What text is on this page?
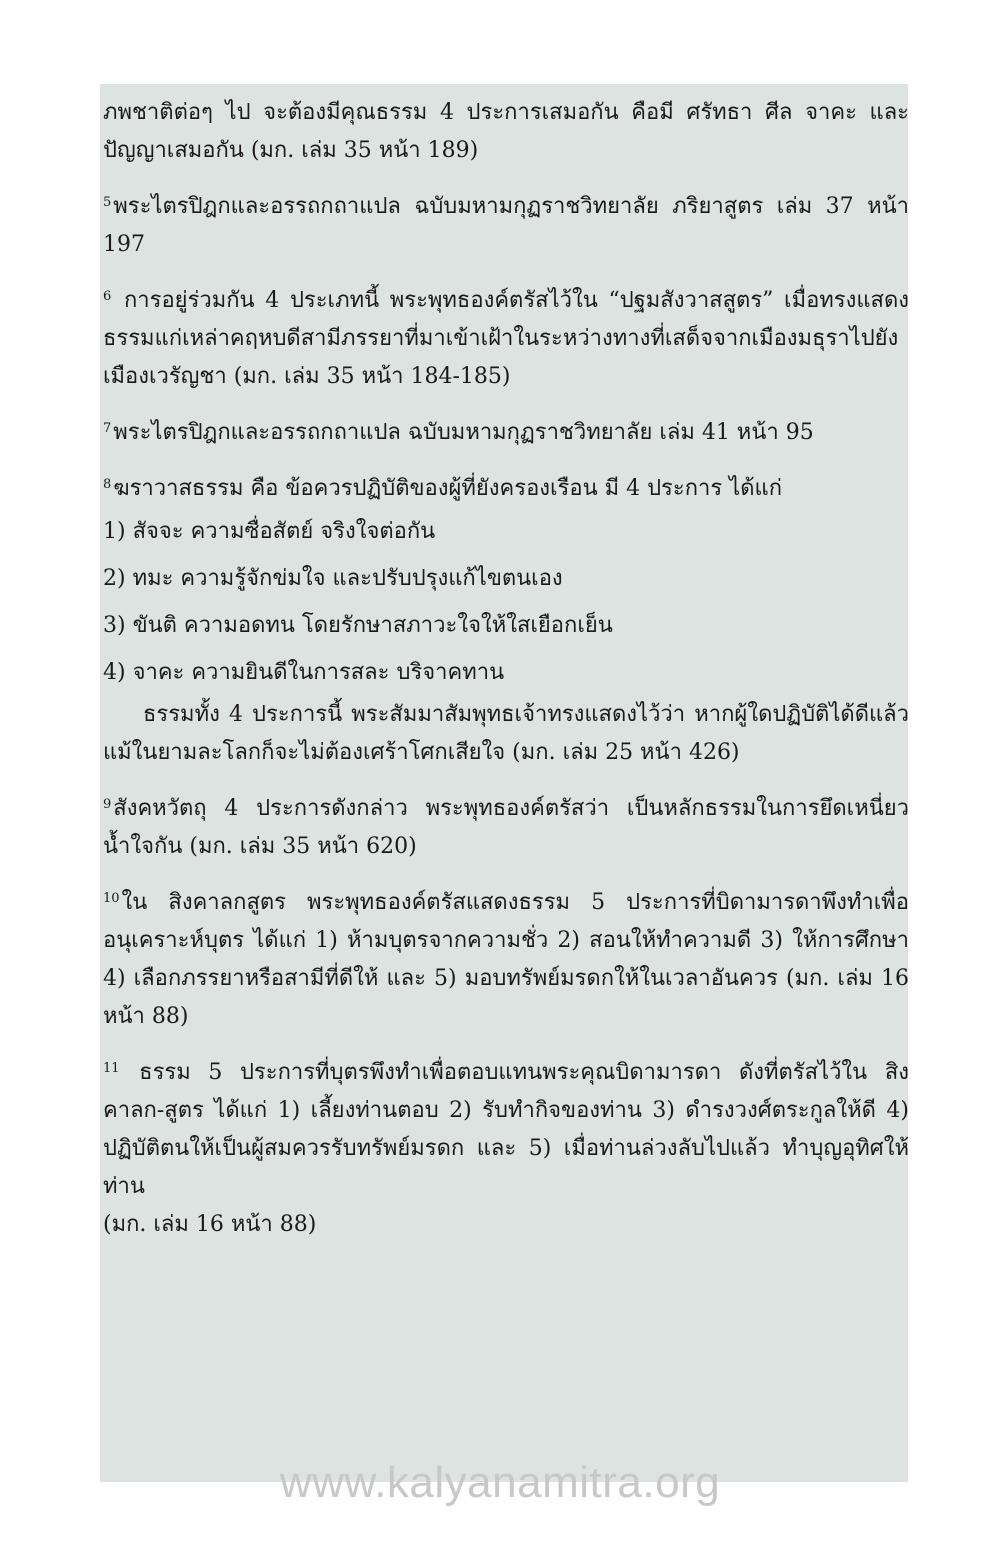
ภพชาติต่อๆ ไป จะต้องมีคุณธรรม 4 ประการเสมอกัน คือมี ศรัทธา ศีล จาคะ และปัญญาเสมอกัน (มก. เล่ม 35 หน้า 189)

$^5$พระไตรปิฎกและอรรถกถาแปล ฉบับมหามกุฏราชวิทยาลัย ภริยาสูตร เล่ม 37 หน้า 197

$^6$ การอยู่ร่วมกัน 4 ประเภทนี้ พระพุทธองค์ตรัสไว้ใน “ปฐมสังวาสสูตร” เมื่อทรงแสดงธรรมแก่เหล่าคฤหบดีสามีภรรยาที่มาเข้าเฝ้าในระหว่างทางที่เสด็จจากเมืองมธุราไปยังเมืองเวรัญชา (มก. เล่ม 35 หน้า 184-185)

$^7$พระไตรปิฎกและอรรถกถาแปล ฉบับมหามกุฏราชวิทยาลัย เล่ม 41 หน้า 95

$^8$ฆราวาสธรรม คือ ข้อควรปฏิบัติของผู้ที่ยังครองเรือน มี 4 ประการ ได้แก่

1) สัจจะ ความซื่อสัตย์ จริงใจต่อกัน

2) ทมะ ความรู้จักข่มใจ และปรับปรุงแก้ไขตนเอง

3) ขันติ ความอดทน โดยรักษาสภาวะใจให้ใสเยือกเย็น

4) จาคะ ความยินดีในการสละ บริจาคทาน

ธรรมทั้ง 4 ประการนี้ พระสัมมาสัมพุทธเจ้าทรงแสดงไว้ว่า หากผู้ใดปฏิบัติได้ดีแล้ว แม้ในยามละโลกก็จะไม่ต้องเศร้าโศกเสียใจ (มก. เล่ม 25 หน้า 426)

$^9$สังคหวัตถุ 4 ประการดังกล่าว พระพุทธองค์ตรัสว่า เป็นหลักธรรมในการยึดเหนี่ยวน้ำใจกัน (มก. เล่ม 35 หน้า 620)

$^{10}$ใน สิงคาลกสูตร พระพุทธองค์ตรัสแสดงธรรม 5 ประการที่บิดามารดาพึงทำเพื่ออนุเคราะห์บุตร ได้แก่ 1) ห้ามบุตรจากความชั่ว 2) สอนให้ทำความดี 3) ให้การศึกษา 4) เลือกภรรยาหรือสามีที่ดีให้ และ 5) มอบทรัพย์มรดกให้ในเวลาอันควร (มก. เล่ม 16 หน้า 88)

$^{11}$ ธรรม 5 ประการที่บุตรพึงทำเพื่อตอบแทนพระคุณบิดามารดา ดังที่ตรัสไว้ใน สิงคาลก-สูตร ได้แก่ 1) เลี้ยงท่านตอบ 2) รับทำกิจของท่าน 3) ดำรงวงศ์ตระกูลให้ดี 4) ปฏิบัติตนให้เป็นผู้สมควรรับทรัพย์มรดก และ 5) เมื่อท่านล่วงลับไปแล้ว ทำบุญอุทิศให้ท่าน

(มก. เล่ม 16 หน้า 88)

www.kalyanamitra.org
